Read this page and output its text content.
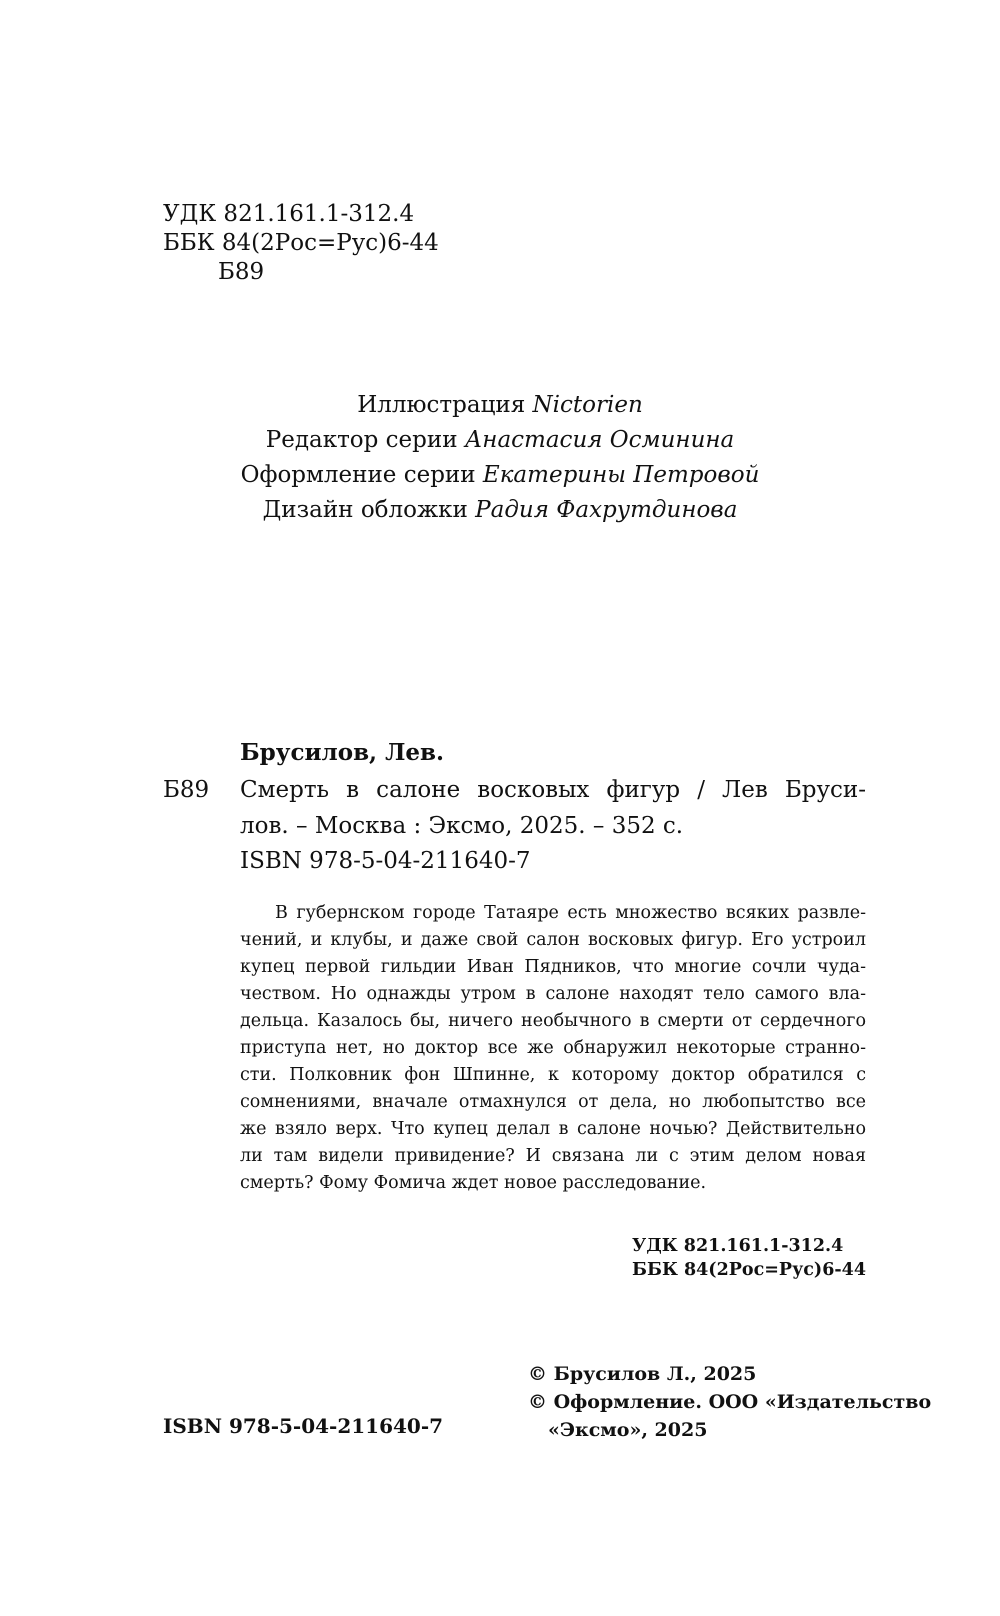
УДК 821.161.1-312.4
ББК 84(2Рос=Рус)6-44
Б89
Иллюстрация Nictorien
Редактор серии Анастасия Осминина
Оформление серии Екатерины Петровой
Дизайн обложки Радия Фахрутдинова
Брусилов, Лев.
Б89 Смерть в салоне восковых фигур / Лев Бруси-
лов. – Москва : Эксмо, 2025. – 352 с.
ISBN 978-5-04-211640-7
В губернском городе Татаяре есть множество всяких развле-
чений, и клубы, и даже свой салон восковых фигур. Его устроил
купец первой гильдии Иван Пядников, что многие сочли чуда-
чеством. Но однажды утром в салоне находят тело самого вла-
дельца. Казалось бы, ничего необычного в смерти от сердечного
приступа нет, но доктор все же обнаружил некоторые странно-
сти. Полковник фон Шпинне, к которому доктор обратился с
сомнениями, вначале отмахнулся от дела, но любопытство все
же взяло верх. Что купец делал в салоне ночью? Действительно
ли там видели привидение? И связана ли с этим делом новая
смерть? Фому Фомича ждет новое расследование.
УДК 821.161.1-312.4
ББК 84(2Рос=Рус)6-44
© Брусилов Л., 2025
© Оформление. ООО «Издательство
«Эксмо», 2025
ISBN 978-5-04-211640-7
